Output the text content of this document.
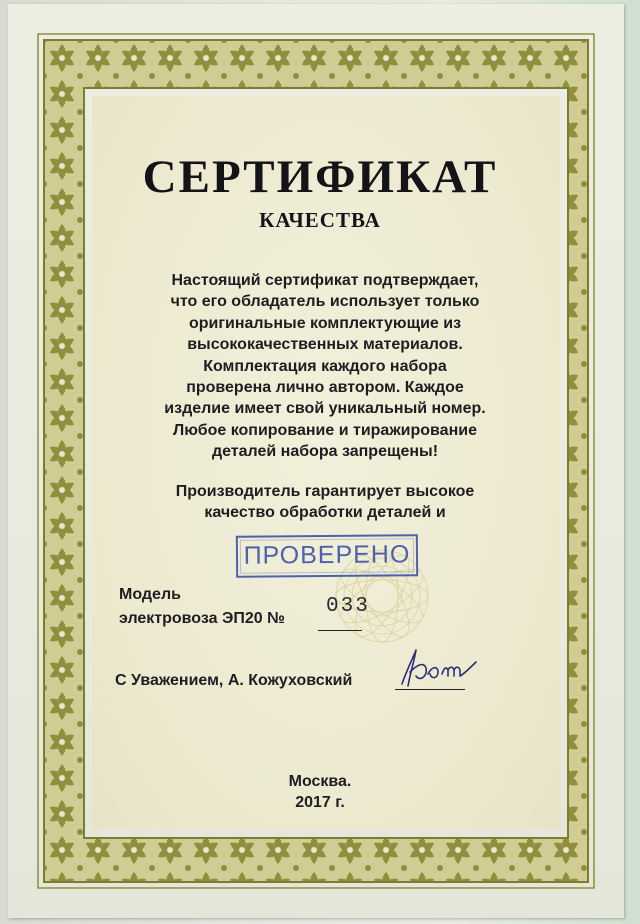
СЕРТИФИКАТ
КАЧЕСТВА
Настоящий сертификат подтверждает,
что его обладатель использует только
оригинальные комплектующие из
высококачественных материалов.
Комплектация каждого набора
проверена лично автором. Каждое
изделие имеет свой уникальный номер.
Любое копирование и тиражирование
деталей набора запрещены!
Производитель гарантирует высокое
качество обработки деталей и
ПРОВЕРЕНО
Модель
электровоза ЭП20 №
033
С Уважением, А. Кожуховский
Москва.
2017 г.
